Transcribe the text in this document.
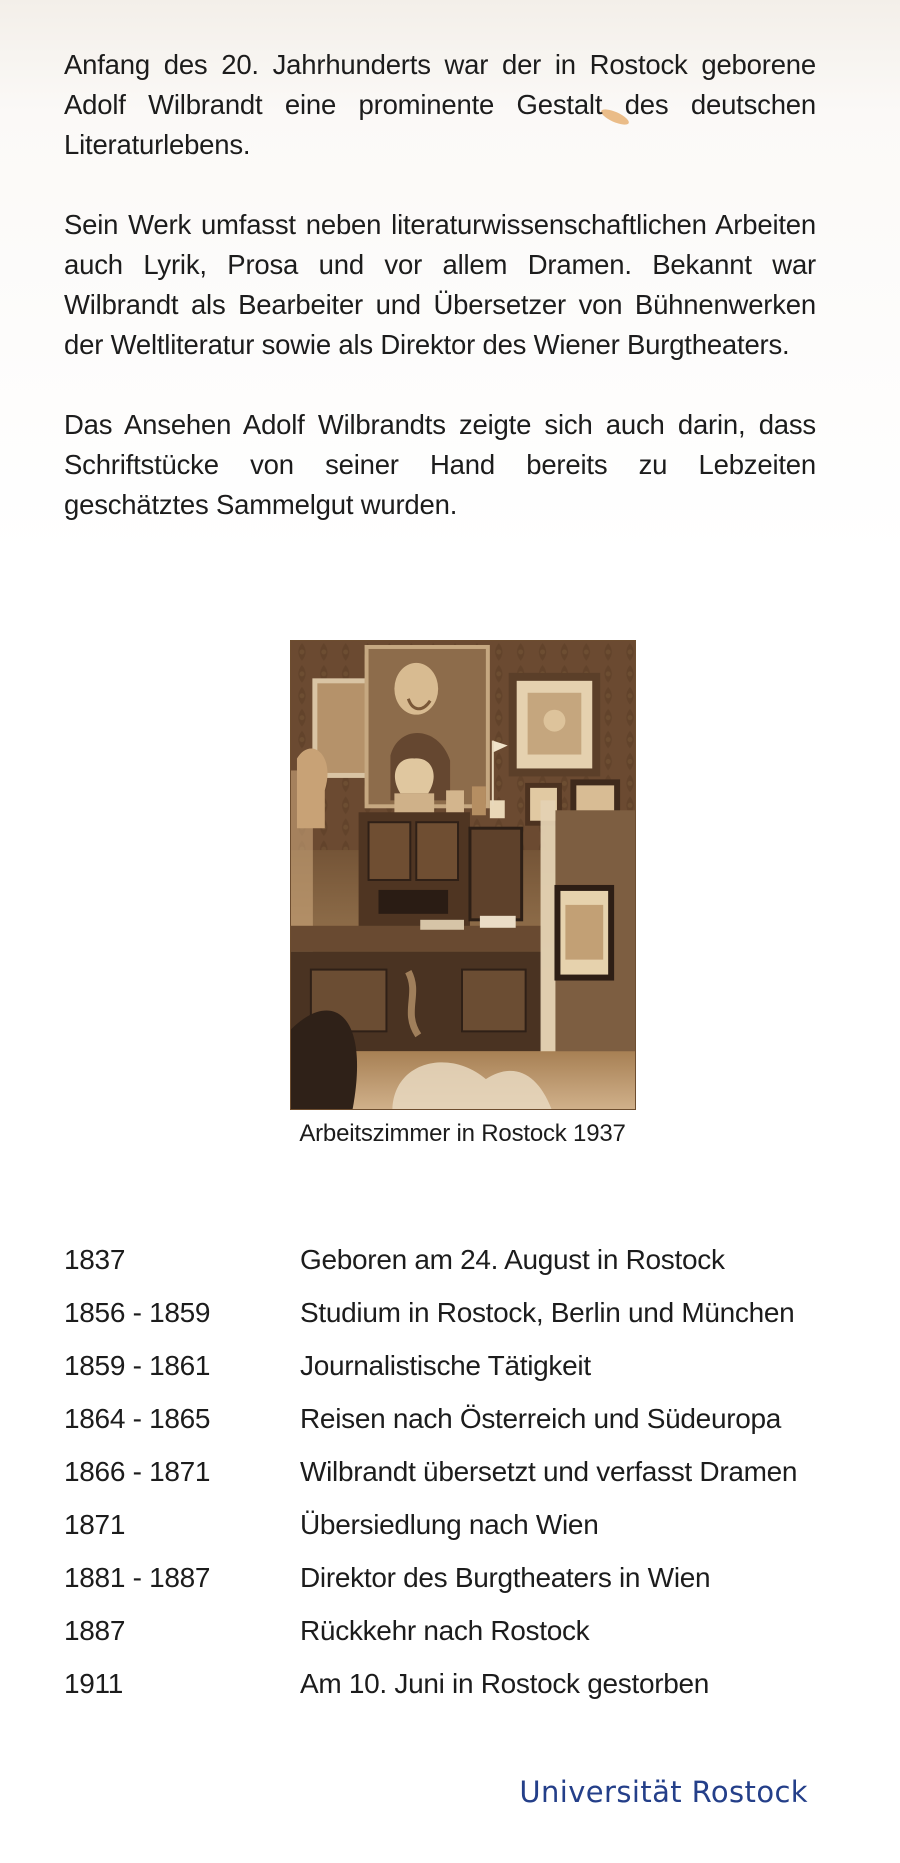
Anfang des 20. Jahrhunderts war der in Rostock geborene Adolf Wilbrandt eine prominente Gestalt des deutschen Literaturlebens.

Sein Werk umfasst neben literaturwissenschaftlichen Arbeiten auch Lyrik, Prosa und vor allem Dramen. Bekannt war Wilbrandt als Bearbeiter und Übersetzer von Bühnenwerken der Weltliteratur sowie als Direktor des Wiener Burgtheaters.

Das Ansehen Adolf Wilbrandts zeigte sich auch darin, dass Schriftstücke von seiner Hand bereits zu Lebzeiten geschätztes Sammelgut wurden.

Arbeitszimmer in Rostock 1937
1837	Geboren am 24. August in Rostock
1856 - 1859	Studium in Rostock, Berlin und München
1859 - 1861	Journalistische Tätigkeit
1864 - 1865	Reisen nach Österreich und Südeuropa
1866 - 1871	Wilbrandt übersetzt und verfasst Dramen
1871	Übersiedlung nach Wien
1881 - 1887	Direktor des Burgtheaters in Wien
1887	Rückkehr nach Rostock
1911	Am 10. Juni in Rostock gestorben
Universität Rostock
